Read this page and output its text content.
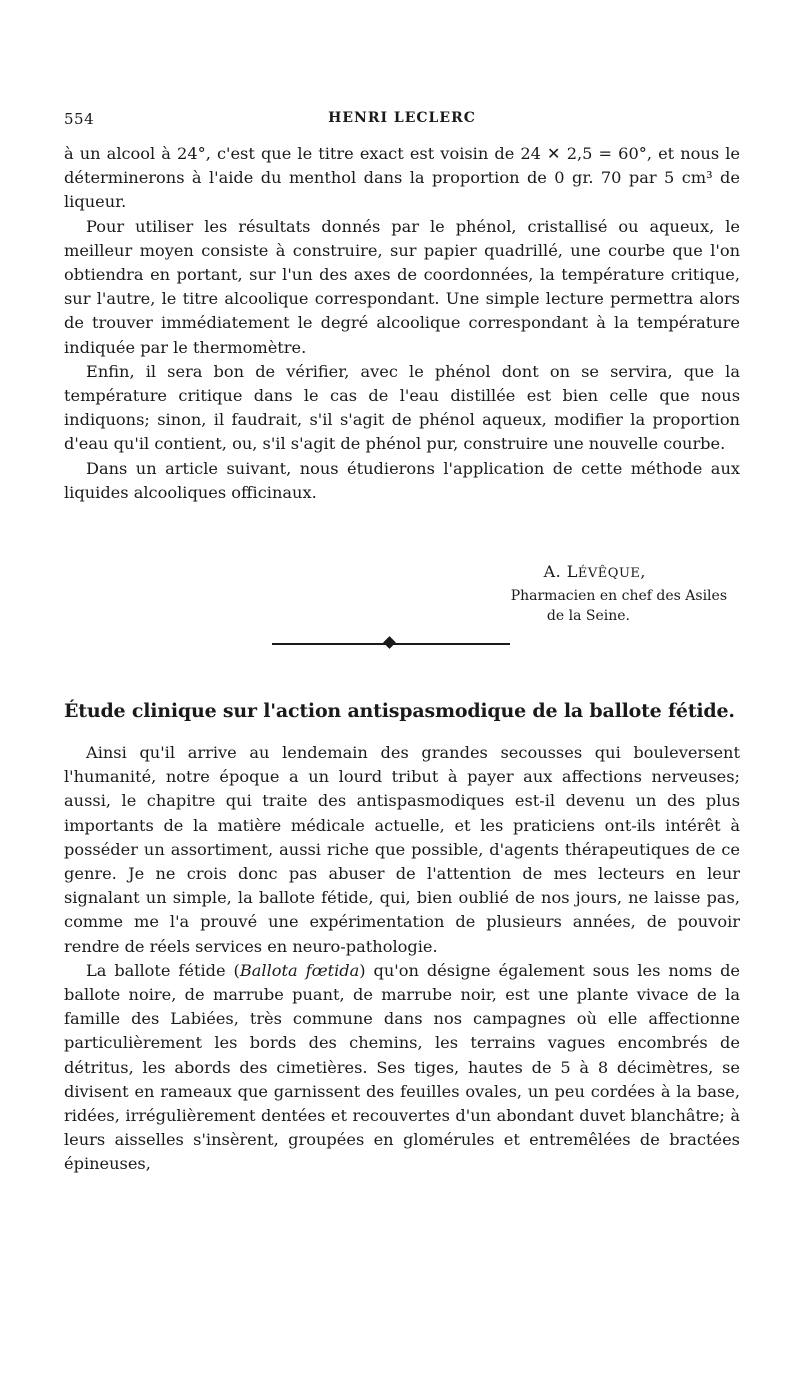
554	HENRI LECLERC

à un alcool à 24°, c'est que le titre exact est voisin de 24 ✕ 2,5 = 60°, et nous le déterminerons à l'aide du menthol dans la proportion de 0 gr. 70 par 5 cm³ de liqueur.

Pour utiliser les résultats donnés par le phénol, cristallisé ou aqueux, le meilleur moyen consiste à construire, sur papier quadrillé, une courbe que l'on obtiendra en portant, sur l'un des axes de coordonnées, la température critique, sur l'autre, le titre alcoolique correspondant. Une simple lecture permettra alors de trouver immédiatement le degré alcoolique correspondant à la température indiquée par le thermomètre.

Enfin, il sera bon de vérifier, avec le phénol dont on se servira, que la température critique dans le cas de l'eau distillée est bien celle que nous indiquons; sinon, il faudrait, s'il s'agit de phénol aqueux, modifier la proportion d'eau qu'il contient, ou, s'il s'agit de phénol pur, construire une nouvelle courbe.

Dans un article suivant, nous étudierons l'application de cette méthode aux liquides alcooliques officinaux.

A. LÉVÊQUE,
Pharmacien en chef des Asiles
de la Seine.
Étude clinique sur l'action antispasmodique de la ballote fétide.

Ainsi qu'il arrive au lendemain des grandes secousses qui bouleversent l'humanité, notre époque a un lourd tribut à payer aux affections nerveuses; aussi, le chapitre qui traite des antispasmodiques est-il devenu un des plus importants de la matière médicale actuelle, et les praticiens ont-ils intérêt à posséder un assortiment, aussi riche que possible, d'agents thérapeutiques de ce genre. Je ne crois donc pas abuser de l'attention de mes lecteurs en leur signalant un simple, la ballote fétide, qui, bien oublié de nos jours, ne laisse pas, comme me l'a prouvé une expérimentation de plusieurs années, de pouvoir rendre de réels services en neuro-pathologie.

La ballote fétide (Ballota fœtida) qu'on désigne également sous les noms de ballote noire, de marrube puant, de marrube noir, est une plante vivace de la famille des Labiées, très commune dans nos campagnes où elle affectionne particulièrement les bords des chemins, les terrains vagues encombrés de détritus, les abords des cimetières. Ses tiges, hautes de 5 à 8 décimètres, se divisent en rameaux que garnissent des feuilles ovales, un peu cordées à la base, ridées, irrégulièrement dentées et recouvertes d'un abondant duvet blanchâtre; à leurs aisselles s'insèrent, groupées en glomérules et entremêlées de bractées épineuses,
